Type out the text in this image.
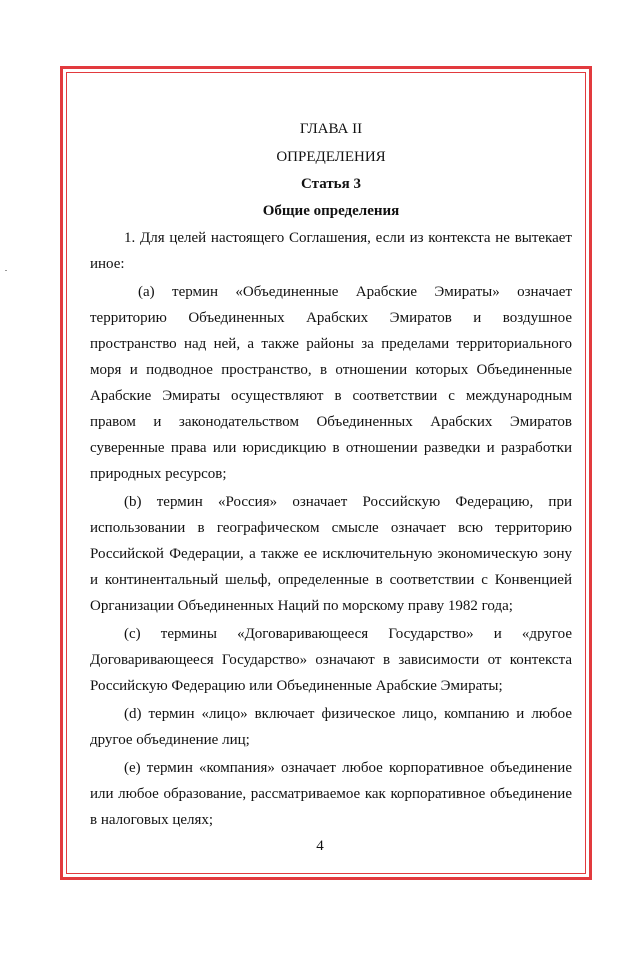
ГЛАВА II

ОПРЕДЕЛЕНИЯ

Статья 3

Общие определения

1. Для целей настоящего Соглашения, если из контекста не вытекает иное:

(a) термин «Объединенные Арабские Эмираты» означает территорию Объединенных Арабских Эмиратов и воздушное пространство над ней, а также районы за пределами территориального моря и подводное пространство, в отношении которых Объединенные Арабские Эмираты осуществляют в соответствии с международным правом и законодательством Объединенных Арабских Эмиратов суверенные права или юрисдикцию в отношении разведки и разработки природных ресурсов;

(b) термин «Россия» означает Российскую Федерацию, при использовании в географическом смысле означает всю территорию Российской Федерации, а также ее исключительную экономическую зону и континентальный шельф, определенные в соответствии с Конвенцией Организации Объединенных Наций по морскому праву 1982 года;

(c) термины «Договаривающееся Государство» и «другое Договаривающееся Государство» означают в зависимости от контекста Российскую Федерацию или Объединенные Арабские Эмираты;

(d) термин «лицо» включает физическое лицо, компанию и любое другое объединение лиц;

(e) термин «компания» означает любое корпоративное объединение или любое образование, рассматриваемое как корпоративное объединение в налоговых целях;

4
